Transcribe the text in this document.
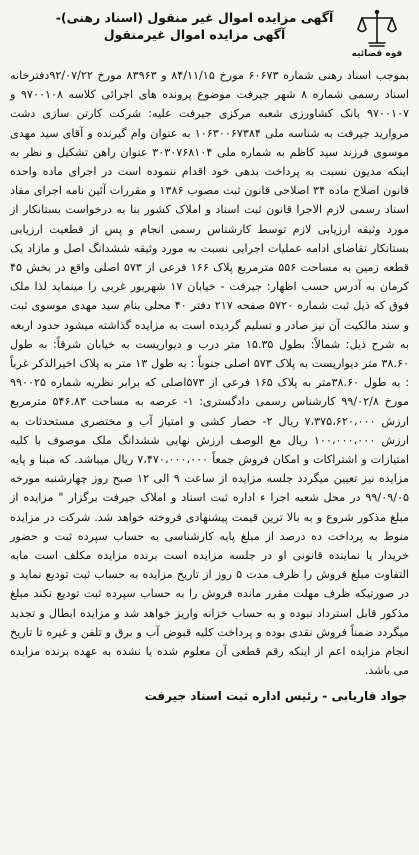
قوه قضائیه
آگهی مزایده اموال غیر منقول (اسناد رهنی)-
آگهی مزایده اموال غیرمنقول
بموجب اسناد رهنی شماره ۶۰۶۷۳ مورخ ۸۴/۱۱/۱۵ و ۸۳۹۶۳ مورخ ۹۲/۰۷/۲۲دفترخانه اسناد رسمی شماره ۸ شهر جیرفت موضوع پرونده های اجرائی کلاسه ۹۷۰۰۱۰۸ و ۹۷۰۰۱۰۷ بانک کشاورزی شعبه مرکزی جیرفت علیه: شرکت کارتن سازی دشت مروارید جیرفت به شناسه ملی ۱۰۶۳۰۰۶۷۳۸۴ به عنوان وام گیرنده و آقای سید مهدی موسوی فرزند سید کاظم به شماره ملی ۳۰۳۰۷۶۸۱۰۴ عنوان راهن تشکیل و نظر به اینکه مدیون نسبت به پرداخت بدهی خود اقدام ننموده است در اجرای ماده واحده قانون اصلاح ماده ۳۴ اصلاحی قانون ثبت مصوب ۱۳۸۶ و مقررات آئین نامه اجرای مفاد اسناد رسمی لازم الاجرا قانون ثبت اسناد و املاک کشور بنا به درخواست بستانکار از مورد وثیقه ارزیابی لازم توسط کارشناس رسمی انجام و پس از قطعیت ارزیابی بستانکار تقاضای ادامه عملیات اجرایی نسبت به مورد وثیقه ششدانگ اصل و مازاد یک قطعه زمین به مساحت ۵۵۶ مترمربع پلاک ۱۶۶ فرعی از ۵۷۳ اصلی واقع در بخش ۴۵ کرمان به آدرس حسب اظهار: جیرفت - خیابان ۱۷ شهریور غربی را مینماید لذا ملک فوق که ذیل ثبت شماره ۵۷۲۰ صفحه ۲۱۷ دفتر ۴۰ محلی بنام سید مهدی موسوی ثبت و سند مالکیت آن نیز صادر و تسلیم گردیده است به مزایده گذاشته میشود حدود اربعه به شرح ذیل: شمالاً: بطول ۱۵.۳۵ متر درب و دیواریست به خیابان شرقاً: به طول ۳۸.۶۰ متر دیواریست به پلاک ۵۷۳ اصلی جنوباً : به طول ۱۳ متر به پلاک اخیرالذکر غرباً : به طول ۳۸.۶۰متر به پلاک ۱۶۵ فرعی از ۵۷۳اصلی که برابر نظریه شماره ۹۹۰۰۲۵ مورخ ۹۹/۰۲/۸ کارشناس رسمی دادگستری: ۱- عرصه به مساحت ۵۴۶.۸۳ مترمربع ارزش ۷،۳۷۵،۶۲۰،۰۰۰ ریال ۲- حصار کشی و امتیاز آب و مختصری مستحدثات به ارزش ۱۰۰،۰۰۰،۰۰۰ ریال مع الوصف ارزش نهایی ششدانگ ملک موصوف با کلیه امتیازات و اشتراکات و امکان فروش جمعاً ۷،۴۷۰،۰۰۰،۰۰۰ ریال میباشد. که مبنا و پایه مزایده نیز تعیین میگردد جلسه مزایده از ساعت ۹ الی ۱۲ صبح روز چهارشنبه مورخه ۹۹/۰۹/۰۵ در محل شعبه اجرا ء اداره ثبت اسناد و املاک جیرفت برگزار " مزایده از مبلغ مذکور شروع و به بالا ترین قیمت پیشنهادی فروخته خواهد شد. شرکت در مزایده منوط به پرداخت ده درصد از مبلغ پایه کارشناسی به حساب سپرده ثبت و حضور خریدار یا نماینده قانونی او در جلسه مزایده است برنده مزایده مکلف است مابه التفاوت مبلغ فروش را ظرف مدت ۵ روز از تاریخ مزایده به حساب ثبت تودیع نماید و در صورتیکه ظرف مهلت مقرر مانده فروش را به حساب سپرده ثبت تودیع نکند مبلغ مذکور قابل استرداد نبوده و به حساب خزانه واریز خواهد شد و مزایده ابطال و تجدید میگردد ضمناً فروش نقدی بوده و پرداخت کلیه قبوض آب و برق و تلفن و غیره تا تاریخ انجام مزایده اعم از اینکه رقم قطعی آن معلوم شده یا نشده به عهده برنده مزایده می باشد.
جواد فاریابی - رئیس اداره ثبت اسناد جیرفت
